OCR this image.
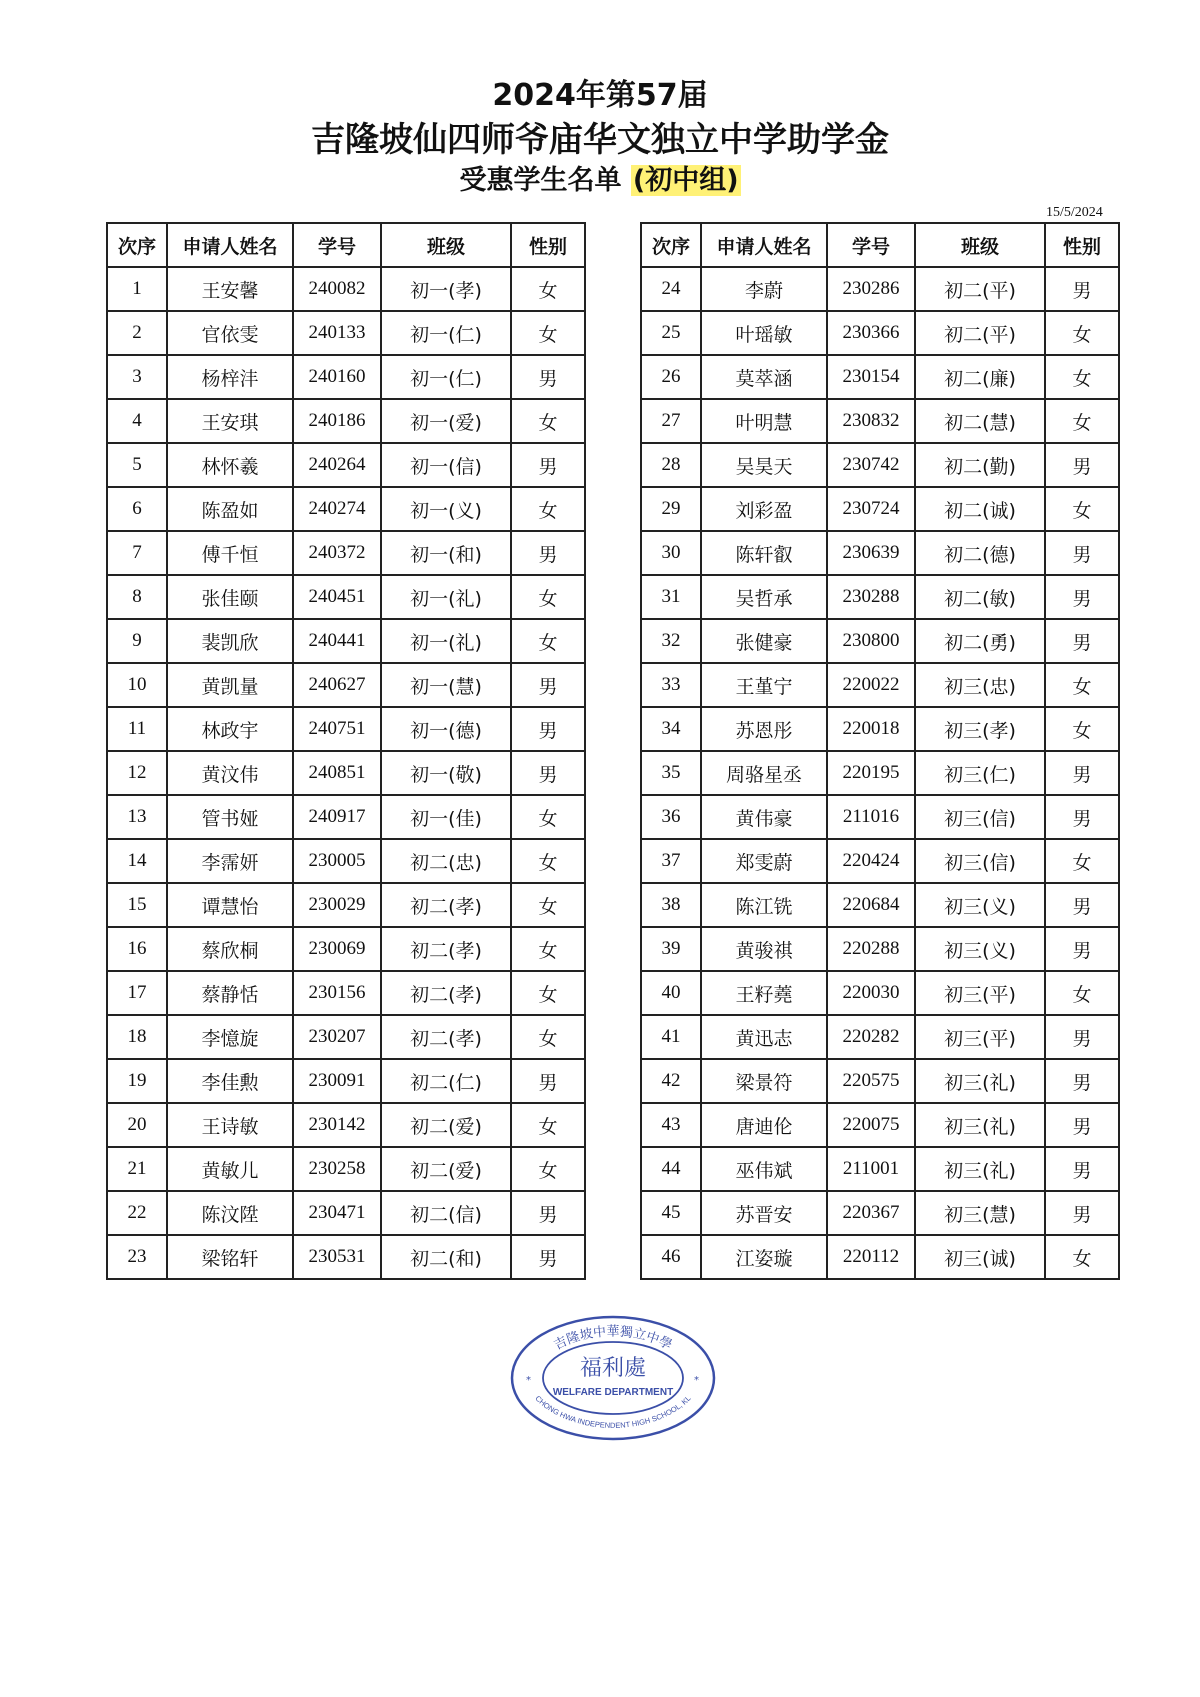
2024年第57届
吉隆坡仙四师爷庙华文独立中学助学金
受惠学生名单 (初中组)
15/5/2024
次序	申请人姓名	学号	班级	性别
1	王安馨	240082	初一(孝)	女
2	官依雯	240133	初一(仁)	女
3	杨梓沣	240160	初一(仁)	男
4	王安琪	240186	初一(爱)	女
5	林怀羲	240264	初一(信)	男
6	陈盈如	240274	初一(义)	女
7	傅千恒	240372	初一(和)	男
8	张佳颐	240451	初一(礼)	女
9	裴凯欣	240441	初一(礼)	女
10	黄凯量	240627	初一(慧)	男
11	林政宇	240751	初一(德)	男
12	黄汶伟	240851	初一(敬)	男
13	管书娅	240917	初一(佳)	女
14	李霈妍	230005	初二(忠)	女
15	谭慧怡	230029	初二(孝)	女
16	蔡欣桐	230069	初二(孝)	女
17	蔡静恬	230156	初二(孝)	女
18	李憶旋	230207	初二(孝)	女
19	李佳勲	230091	初二(仁)	男
20	王诗敏	230142	初二(爱)	女
21	黄敏儿	230258	初二(爱)	女
22	陈汶陞	230471	初二(信)	男
23	梁铭轩	230531	初二(和)	男
次序	申请人姓名	学号	班级	性别
24	李蔚	230286	初二(平)	男
25	叶瑶敏	230366	初二(平)	女
26	莫萃涵	230154	初二(廉)	女
27	叶明慧	230832	初二(慧)	女
28	吴昊天	230742	初二(勤)	男
29	刘彩盈	230724	初二(诚)	女
30	陈轩叡	230639	初二(德)	男
31	吴哲承	230288	初二(敏)	男
32	张健豪	230800	初二(勇)	男
33	王堇宁	220022	初三(忠)	女
34	苏恩彤	220018	初三(孝)	女
35	周骆星丞	220195	初三(仁)	男
36	黄伟豪	211016	初三(信)	男
37	郑雯蔚	220424	初三(信)	女
38	陈江铣	220684	初三(义)	男
39	黄骏祺	220288	初三(义)	男
40	王籽蕘	220030	初三(平)	女
41	黄迅志	220282	初三(平)	男
42	梁景符	220575	初三(礼)	男
43	唐迪伦	220075	初三(礼)	男
44	巫伟斌	211001	初三(礼)	男
45	苏晋安	220367	初三(慧)	男
46	江姿璇	220112	初三(诚)	女
吉隆坡中華獨立中學
福利處
WELFARE DEPARTMENT
CHONG HWA INDEPENDENT HIGH SCHOOL, KL
*	*
